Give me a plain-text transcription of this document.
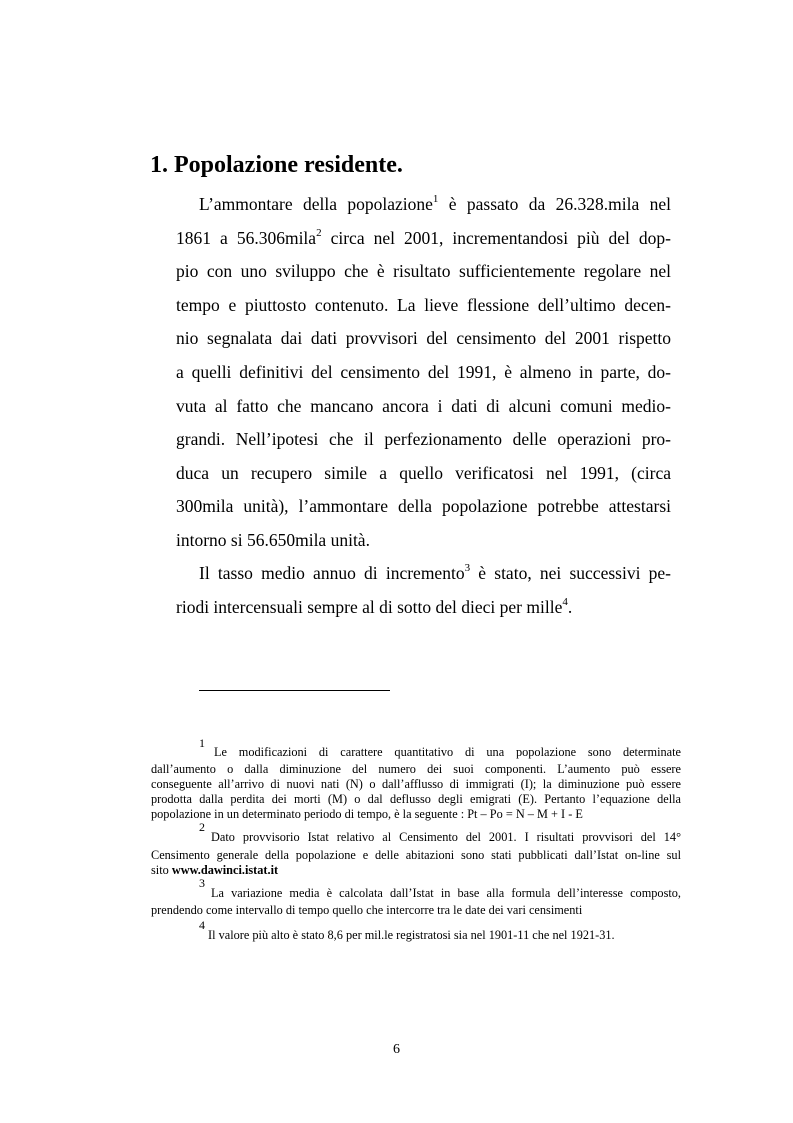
1. Popolazione residente.
L’ammontare della popolazione$^1$ è passato da 26.328.mila nel
1861 a 56.306mila$^2$ circa nel 2001, incrementandosi più del dop-
pio con uno sviluppo che è risultato sufficientemente regolare nel
tempo e piuttosto contenuto. La lieve flessione dell’ultimo decen-
nio segnalata dai dati provvisori del censimento del 2001 rispetto
a quelli definitivi del censimento del 1991, è almeno in parte, do-
vuta al fatto che mancano ancora i dati di alcuni comuni medio-
grandi. Nell’ipotesi che il perfezionamento delle operazioni pro-
duca un recupero simile a quello verificatosi nel 1991, (circa
300mila unità), l’ammontare della popolazione potrebbe attestarsi
intorno si 56.650mila unità.
Il tasso medio annuo di incremento$^3$ è stato, nei successivi pe-
riodi intercensuali sempre al di sotto del dieci per mille$^4$.
1
Le modificazioni di carattere quantitativo di una popolazione sono determinate
dall’aumento o dalla diminuzione del numero dei suoi componenti. L’aumento può essere
conseguente all’arrivo di nuovi nati (N) o dall’afflusso di immigrati (I); la diminuzione può essere
prodotta dalla perdita dei morti (M) o dal deflusso degli emigrati (E). Pertanto l’equazione della
popolazione in un determinato periodo di tempo, è la seguente : Pt – Po = N – M + I - E
2
Dato provvisorio Istat relativo al Censimento del 2001. I risultati provvisori del 14°
Censimento generale della popolazione e delle abitazioni sono stati pubblicati dall’Istat on-line sul
sito www.dawinci.istat.it
3
La variazione media è calcolata dall’Istat in base alla formula dell’interesse composto,
prendendo come intervallo di tempo quello che intercorre tra le date dei vari censimenti
4
Il valore più alto è stato 8,6 per mil.le registratosi sia nel 1901-11 che nel 1921-31.
6
